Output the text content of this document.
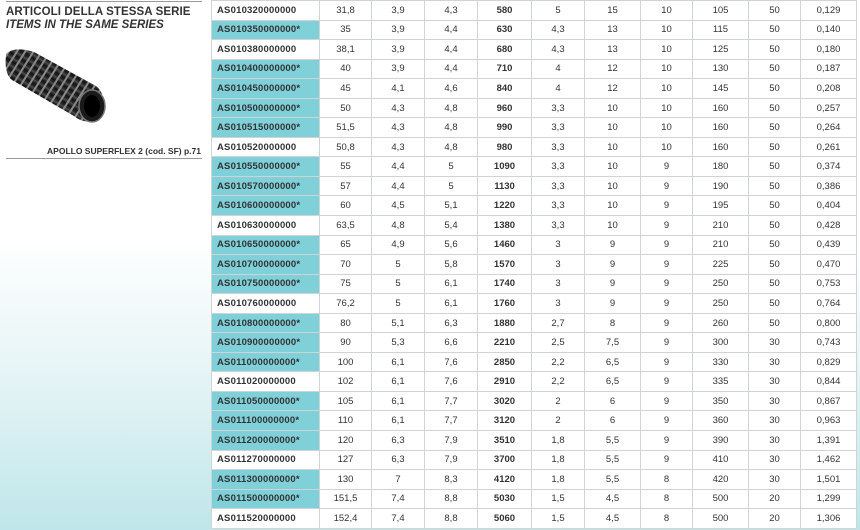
ARTICOLI DELLA STESSA SERIE
ITEMS IN THE SAME SERIES
APOLLO SUPERFLEX 2 (cod. SF) p.71

AS010320000000	31,8	3,9	4,3	580	5	15	10	105	50	0,129
AS010350000000*	35	3,9	4,4	630	4,3	13	10	115	50	0,140
AS010380000000	38,1	3,9	4,4	680	4,3	13	10	125	50	0,180
AS010400000000*	40	3,9	4,4	710	4	12	10	130	50	0,187
AS010450000000*	45	4,1	4,6	840	4	12	10	145	50	0,208
AS010500000000*	50	4,3	4,8	960	3,3	10	10	160	50	0,257
AS010515000000*	51,5	4,3	4,8	990	3,3	10	10	160	50	0,264
AS010520000000	50,8	4,3	4,8	980	3,3	10	10	160	50	0,261
AS010550000000*	55	4,4	5	1090	3,3	10	9	180	50	0,374
AS010570000000*	57	4,4	5	1130	3,3	10	9	190	50	0,386
AS010600000000*	60	4,5	5,1	1220	3,3	10	9	195	50	0,404
AS010630000000	63,5	4,8	5,4	1380	3,3	10	9	210	50	0,428
AS010650000000*	65	4,9	5,6	1460	3	9	9	210	50	0,439
AS010700000000*	70	5	5,8	1570	3	9	9	225	50	0,470
AS010750000000*	75	5	6,1	1740	3	9	9	250	50	0,753
AS010760000000	76,2	5	6,1	1760	3	9	9	250	50	0,764
AS010800000000*	80	5,1	6,3	1880	2,7	8	9	260	50	0,800
AS010900000000*	90	5,3	6,6	2210	2,5	7,5	9	300	30	0,743
AS011000000000*	100	6,1	7,6	2850	2,2	6,5	9	330	30	0,829
AS011020000000	102	6,1	7,6	2910	2,2	6,5	9	335	30	0,844
AS011050000000*	105	6,1	7,7	3020	2	6	9	350	30	0,867
AS011100000000*	110	6,1	7,7	3120	2	6	9	360	30	0,963
AS011200000000*	120	6,3	7,9	3510	1,8	5,5	9	390	30	1,391
AS011270000000	127	6,3	7,9	3700	1,8	5,5	9	410	30	1,462
AS011300000000*	130	7	8,3	4120	1,8	5,5	8	420	30	1,501
AS011500000000*	151,5	7,4	8,8	5030	1,5	4,5	8	500	20	1,299
AS011520000000	152,4	7,4	8,8	5060	1,5	4,5	8	500	20	1,306
